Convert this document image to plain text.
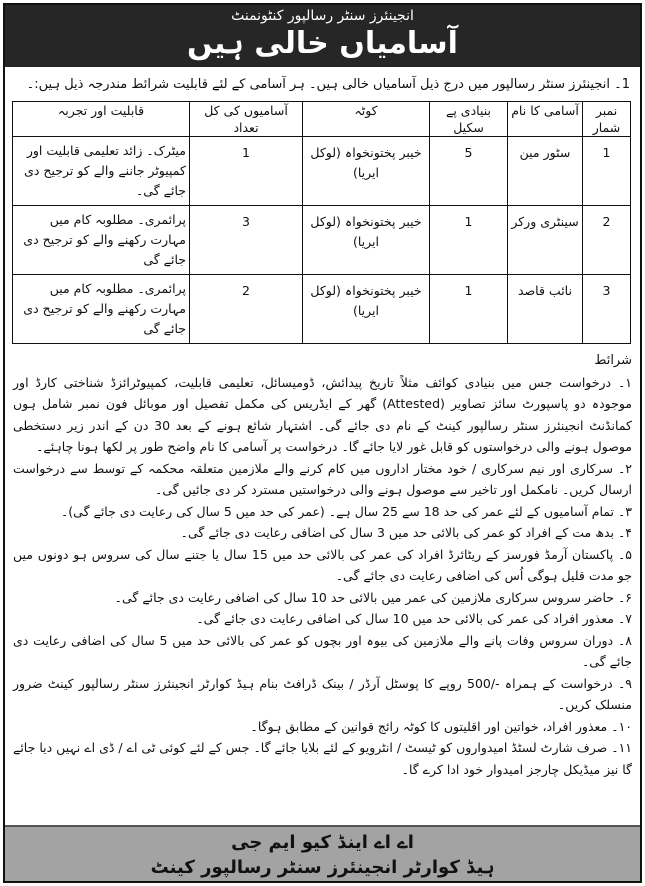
انجینئرز سنٹر رسالپور کنٹونمنٹ
آسامیاں خالی ہیں
1۔ انجینئرز سنٹر رسالپور میں درج ذیل آسامیاں خالی ہیں۔ ہر آسامی کے لئے قابلیت شرائط مندرجہ ذیل ہیں:۔
نمبر شمار	آسامی کا نام	بنیادی پے سکیل	کوٹہ	آسامیوں کی کل تعداد	قابلیت اور تجربہ
1	سٹور مین	5	خیبر پختونخواہ (لوکل ایریا)	1	میٹرک۔ زائد تعلیمی قابلیت اور کمپیوٹر جاننے والے کو ترجیح دی جائے گی۔
2	سینٹری ورکر	1	خیبر پختونخواہ (لوکل ایریا)	3	پرائمری۔ مطلوبہ کام میں مہارت رکھنے والے کو ترجیح دی جائے گی
3	نائب قاصد	1	خیبر پختونخواہ (لوکل ایریا)	2	پرائمری۔ مطلوبہ کام میں مہارت رکھنے والے کو ترجیح دی جائے گی

شرائط

۱۔ درخواست جس میں بنیادی کوائف مثلاً تاریخ پیدائش، ڈومیسائل، تعلیمی قابلیت، کمپیوٹرائزڈ شناختی کارڈ اور موجودہ دو پاسپورٹ سائز تصاویر (Attested) گھر کے ایڈریس کی مکمل تفصیل اور موبائل فون نمبر شامل ہوں کمانڈنٹ انجینئرز سنٹر رسالپور کینٹ کے نام دی جائے گی۔ اشتہار شائع ہونے کے بعد 30 دن کے اندر زیر دستخطی موصول ہونے والی درخواستوں کو قابل غور لایا جائے گا۔ درخواست پر آسامی کا نام واضح طور پر لکھا ہونا چاہئے۔

۲۔ سرکاری اور نیم سرکاری / خود مختار اداروں میں کام کرنے والے ملازمین متعلقہ محکمہ کے توسط سے درخواست ارسال کریں۔ نامکمل اور تاخیر سے موصول ہونے والی درخواستیں مسترد کر دی جائیں گی۔

۳۔ تمام آسامیوں کے لئے عمر کی حد 18 سے 25 سال ہے۔ (عمر کی حد میں 5 سال کی رعایت دی جائے گی)۔

۴۔ بدھ مت کے افراد کو عمر کی بالائی حد میں 3 سال کی اضافی رعایت دی جائے گی۔

۵۔ پاکستان آرمڈ فورسز کے ریٹائرڈ افراد کی عمر کی بالائی حد میں 15 سال یا جتنے سال کی سروس ہو دونوں میں جو مدت قلیل ہوگی اُس کی اضافی رعایت دی جائے گی۔

۶۔ حاضر سروس سرکاری ملازمین کی عمر میں بالائی حد 10 سال کی اضافی رعایت دی جائے گی۔

۷۔ معذور افراد کی عمر کی بالائی حد میں 10 سال کی اضافی رعایت دی جائے گی۔

۸۔ دوران سروس وفات پانے والے ملازمین کی بیوہ اور بچوں کو عمر کی بالائی حد میں 5 سال کی اضافی رعایت دی جائے گی۔

۹۔ درخواست کے ہمراہ -/500 روپے کا پوسٹل آرڈر / بینک ڈرافٹ بنام ہیڈ کوارٹر انجینئرز سنٹر رسالپور کینٹ ضرور منسلک کریں۔

۱۰۔ معذور افراد، خواتین اور اقلیتوں کا کوٹہ رائج قوانین کے مطابق ہوگا۔

۱۱۔ صرف شارٹ لسٹڈ امیدواروں کو ٹیسٹ / انٹرویو کے لئے بلایا جائے گا۔ جس کے لئے کوئی ٹی اے / ڈی اے نہیں دیا جائے گا نیز میڈیکل چارجز امیدوار خود ادا کرے گا۔

اے اے اینڈ کیو ایم جی
ہیڈ کوارٹر انجینئرز سنٹر رسالپور کینٹ
